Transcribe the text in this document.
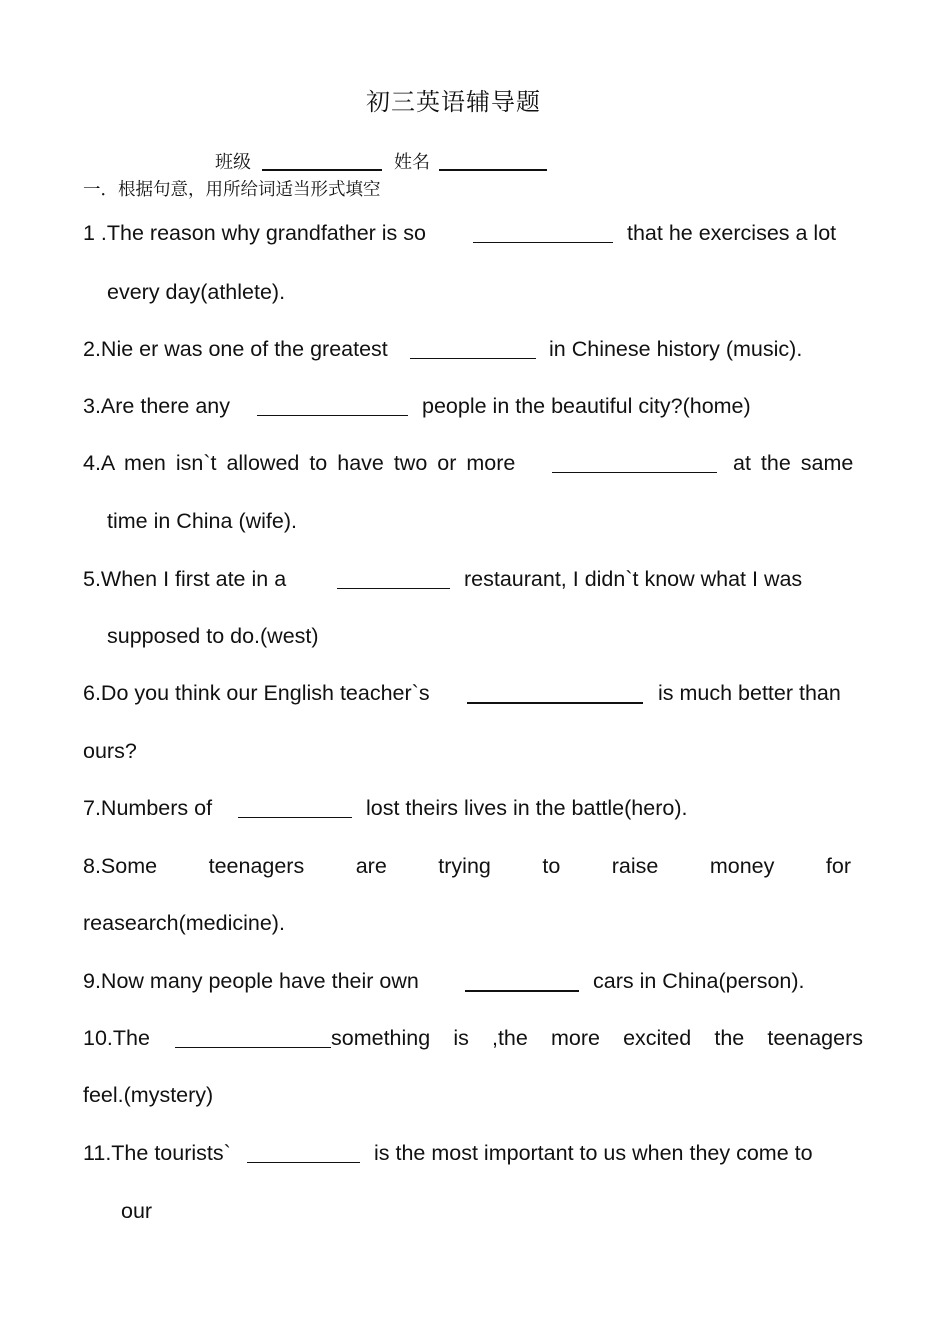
初三英语辅导题
班级	姓名
一．根据句意，用所给词适当形式填空
1 .The reason why grandfather is so	that he exercises a lot
every day(athlete).
2.Nie er was one of the greatest	in Chinese history (music).
3.Are there any	people in the beautiful city?(home)
4.A men isn`t allowed to have two or more	at the same
time in China (wife).
5.When I first ate in a	restaurant, I didn`t know what I was
supposed to do.(west)
6.Do you think our English teacher`s	is much better than
ours?
7.Numbers of	lost theirs lives in the battle(hero).
8.Some teenagers are trying to raise money for
reasearch(medicine).
9.Now many people have their own	cars in China(person).
10.The	something is ,the more excited the teenagers
feel.(mystery)
11.The tourists`	is the most important to us when they come to
our
